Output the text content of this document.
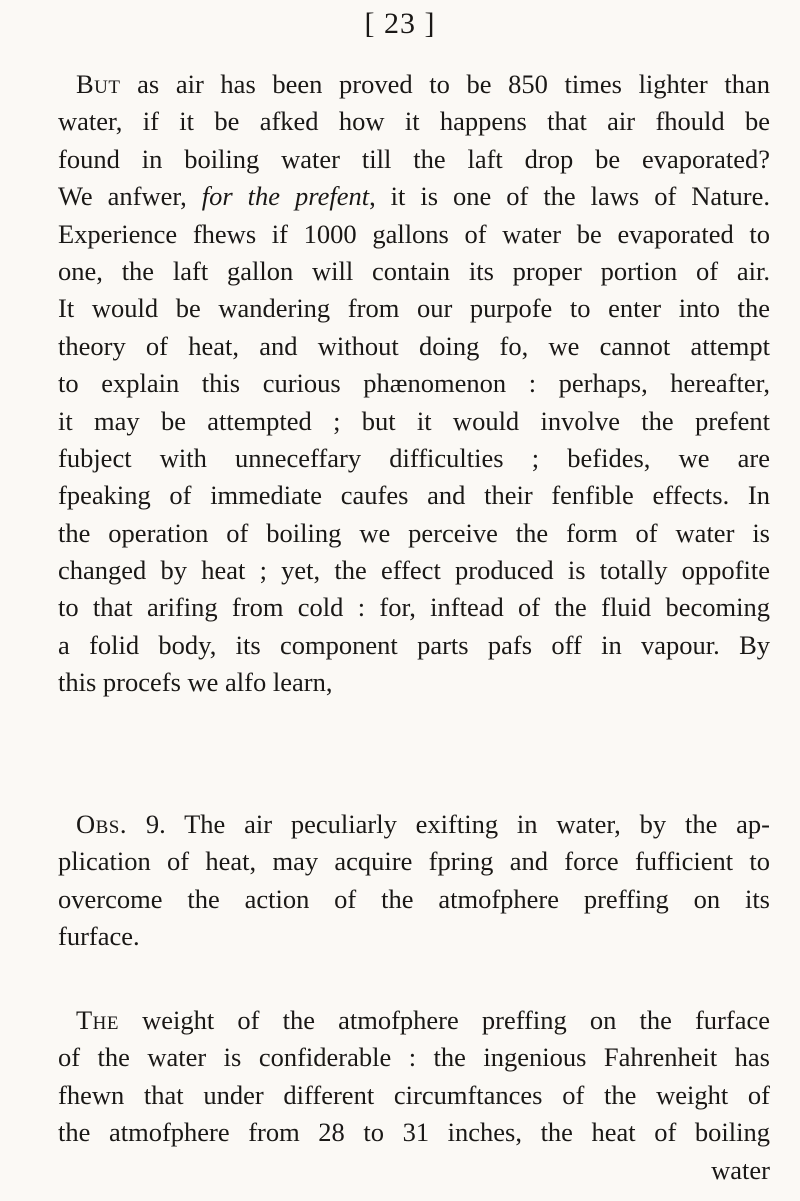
[ 23 ]
But as air has been proved to be 850 times lighter than
water, if it be afked how it happens that air fhould be
found in boiling water till the laft drop be evaporated?
We anfwer, for the prefent, it is one of the laws of Nature.
Experience fhews if 1000 gallons of water be evaporated to
one, the laft gallon will contain its proper portion of air.
It would be wandering from our purpofe to enter into the
theory of heat, and without doing fo, we cannot attempt
to explain this curious phænomenon : perhaps, hereafter,
it may be attempted ; but it would involve the prefent
fubject with unneceffary difficulties ; befides, we are
fpeaking of immediate caufes and their fenfible effects. In
the operation of boiling we perceive the form of water is
changed by heat ; yet, the effect produced is totally oppofite
to that arifing from cold : for, inftead of the fluid becoming
a folid body, its component parts pafs off in vapour. By
this procefs we alfo learn,
Obs. 9. The air peculiarly exifting in water, by the ap-
plication of heat, may acquire fpring and force fufficient to
overcome the action of the atmofphere preffing on its
furface.
The weight of the atmofphere preffing on the furface
of the water is confiderable : the ingenious Fahrenheit has
fhewn that under different circumftances of the weight of
the atmofphere from 28 to 31 inches, the heat of boiling
water
